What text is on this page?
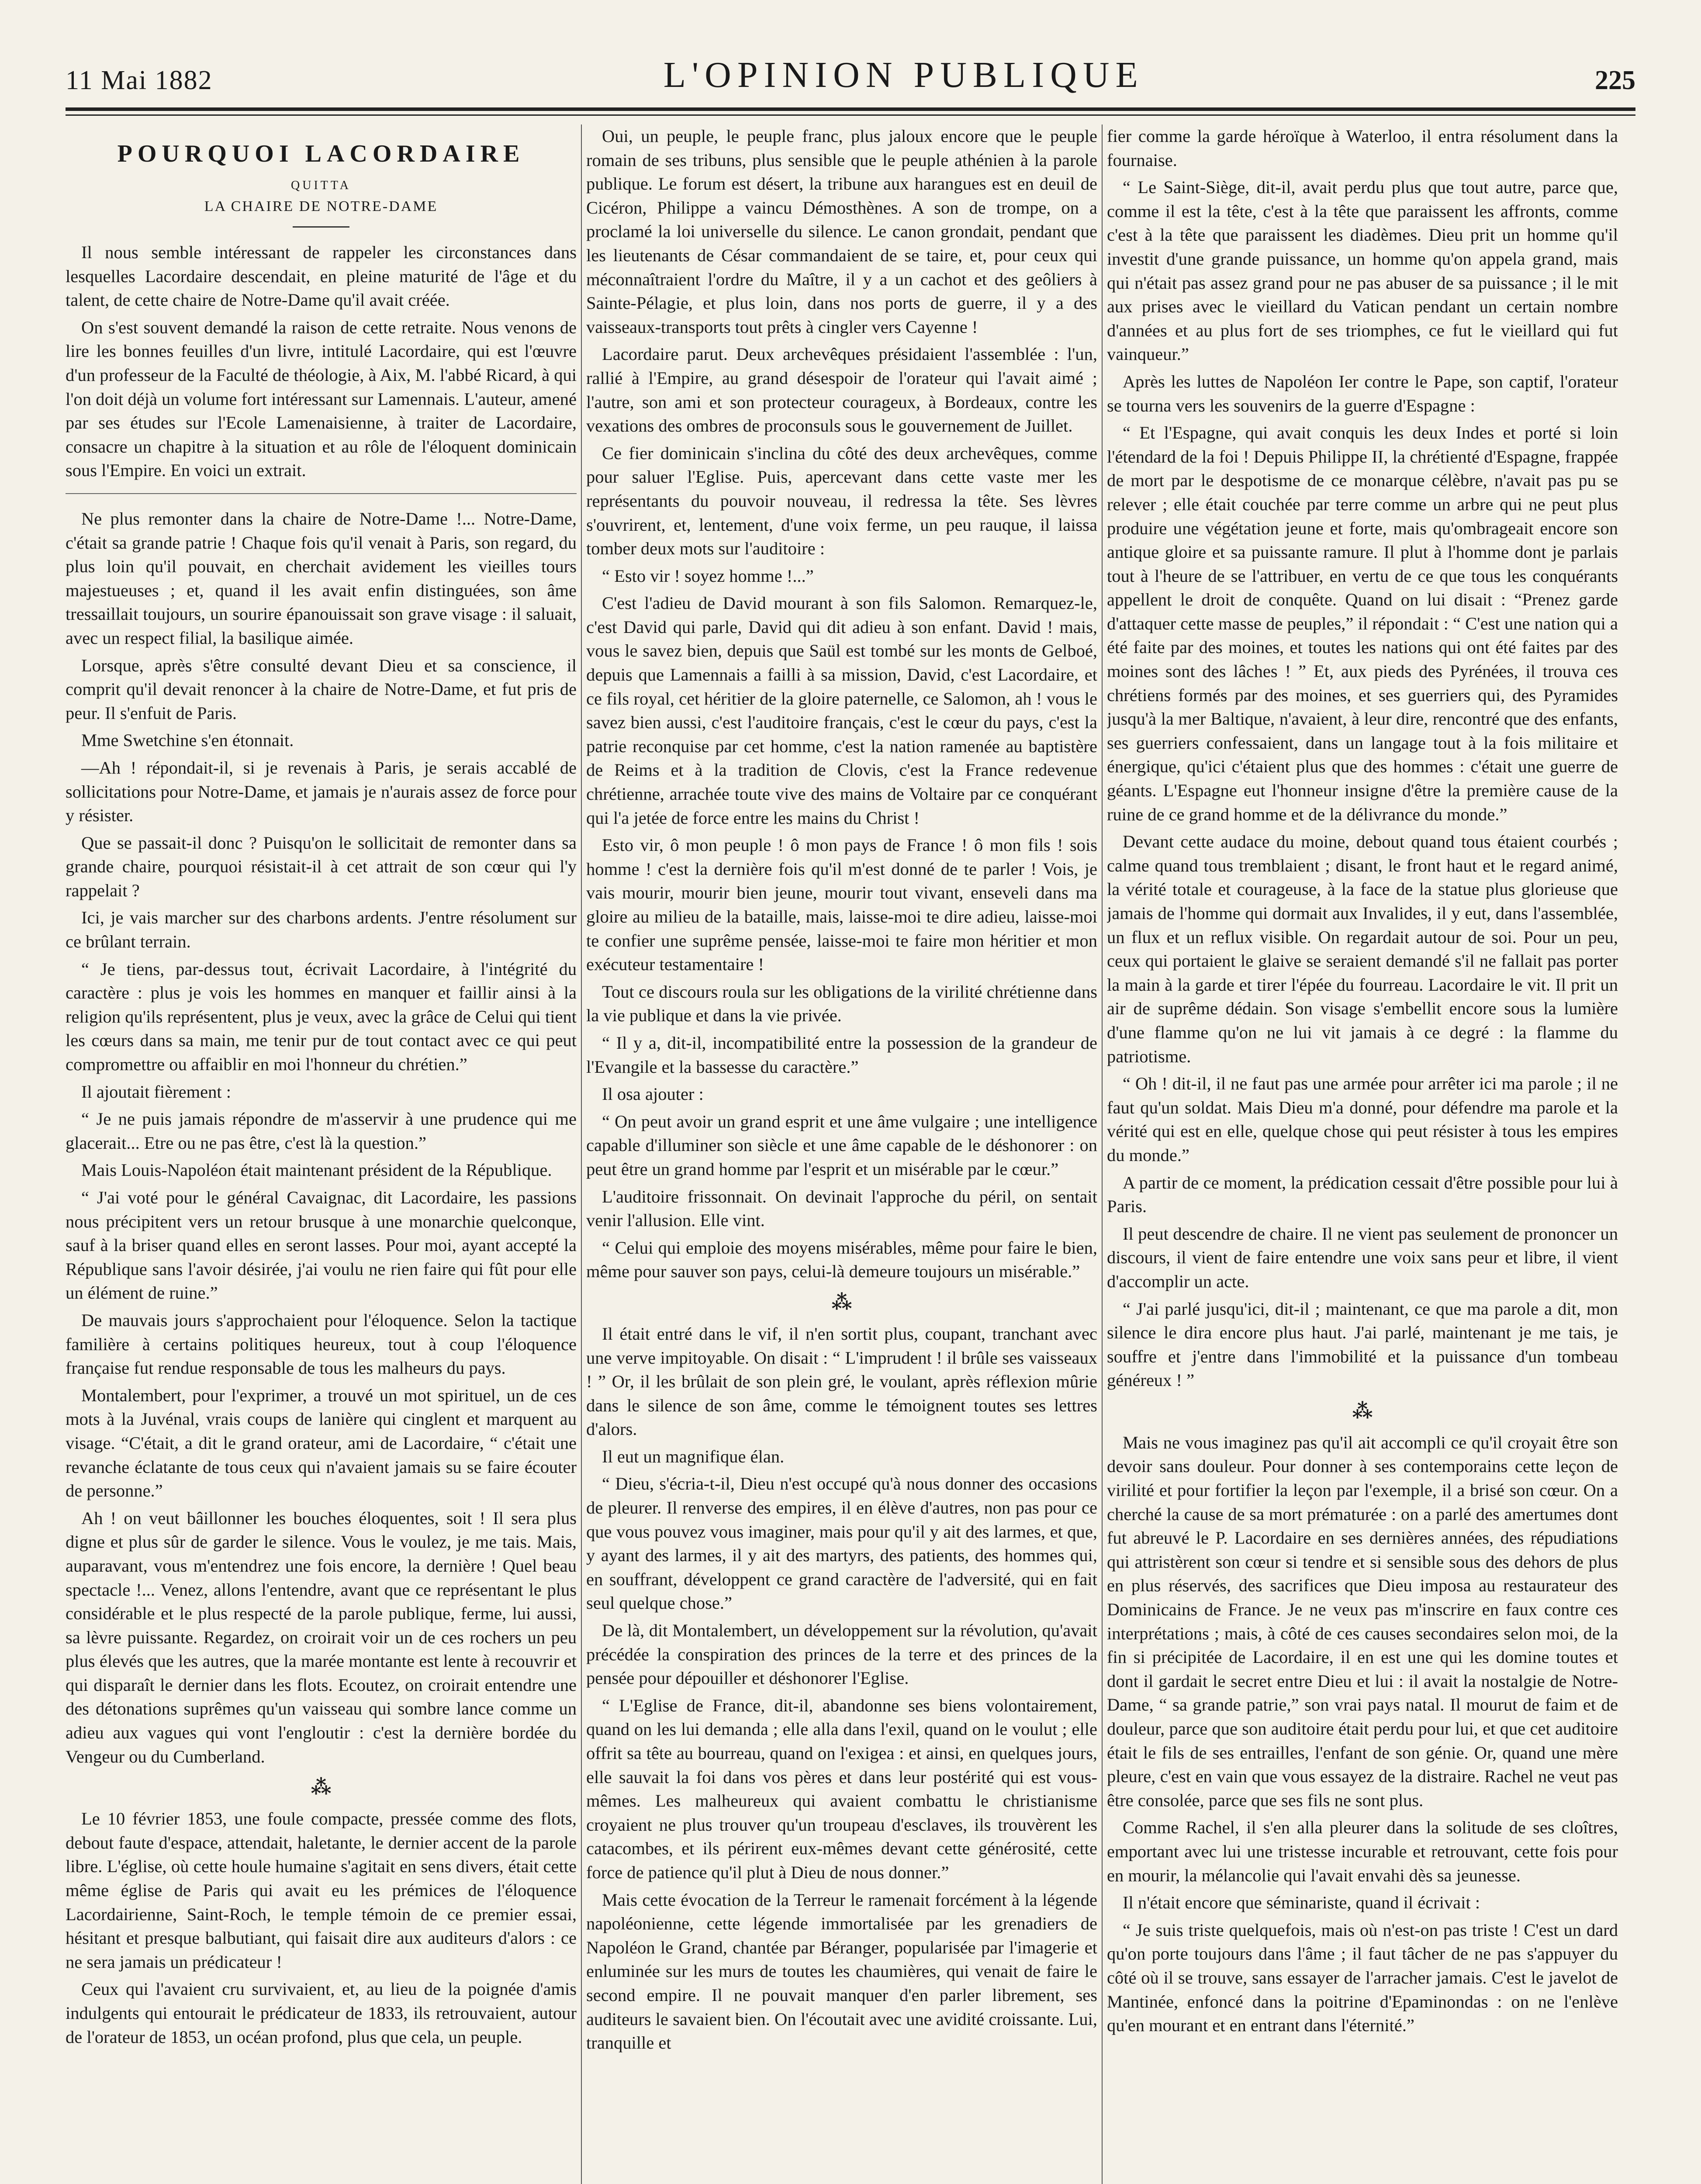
11 Mai 1882	L'OPINION PUBLIQUE	225
POURQUOI LACORDAIRE
QUITTA
LA CHAIRE DE NOTRE-DAME

Il nous semble intéressant de rappeler les circonstances dans lesquelles Lacordaire descendait, en pleine maturité de l'âge et du talent, de cette chaire de Notre-Dame qu'il avait créée.

On s'est souvent demandé la raison de cette retraite. Nous venons de lire les bonnes feuilles d'un livre, intitulé Lacordaire, qui est l'œuvre d'un professeur de la Faculté de théologie, à Aix, M. l'abbé Ricard, à qui l'on doit déjà un volume fort intéressant sur Lamennais. L'auteur, amené par ses études sur l'Ecole Lamenaisienne, à traiter de Lacordaire, consacre un chapitre à la situation et au rôle de l'éloquent dominicain sous l'Empire. En voici un extrait.

Ne plus remonter dans la chaire de Notre-Dame !... Notre-Dame, c'était sa grande patrie ! Chaque fois qu'il venait à Paris, son regard, du plus loin qu'il pouvait, en cherchait avidement les vieilles tours majestueuses ; et, quand il les avait enfin distinguées, son âme tressaillait toujours, un sourire épanouissait son grave visage : il saluait, avec un respect filial, la basilique aimée.

Lorsque, après s'être consulté devant Dieu et sa conscience, il comprit qu'il devait renoncer à la chaire de Notre-Dame, et fut pris de peur. Il s'enfuit de Paris.

Mme Swetchine s'en étonnait.

—Ah ! répondait-il, si je revenais à Paris, je serais accablé de sollicitations pour Notre-Dame, et jamais je n'aurais assez de force pour y résister.

Que se passait-il donc ? Puisqu'on le sollicitait de remonter dans sa grande chaire, pourquoi résistait-il à cet attrait de son cœur qui l'y rappelait ?

Ici, je vais marcher sur des charbons ardents. J'entre résolument sur ce brûlant terrain.

“ Je tiens, par-dessus tout, écrivait Lacordaire, à l'intégrité du caractère : plus je vois les hommes en manquer et faillir ainsi à la religion qu'ils représentent, plus je veux, avec la grâce de Celui qui tient les cœurs dans sa main, me tenir pur de tout contact avec ce qui peut compromettre ou affaiblir en moi l'honneur du chrétien.”

Il ajoutait fièrement :

“ Je ne puis jamais répondre de m'asservir à une prudence qui me glacerait... Etre ou ne pas être, c'est là la question.”

Mais Louis-Napoléon était maintenant président de la République.

“ J'ai voté pour le général Cavaignac, dit Lacordaire, les passions nous précipitent vers un retour brusque à une monarchie quelconque, sauf à la briser quand elles en seront lasses. Pour moi, ayant accepté la République sans l'avoir désirée, j'ai voulu ne rien faire qui fût pour elle un élément de ruine.”

De mauvais jours s'approchaient pour l'éloquence. Selon la tactique familière à certains politiques heureux, tout à coup l'éloquence française fut rendue responsable de tous les malheurs du pays.

Montalembert, pour l'exprimer, a trouvé un mot spirituel, un de ces mots à la Juvénal, vrais coups de lanière qui cinglent et marquent au visage. “C'était, a dit le grand orateur, ami de Lacordaire, “ c'était une revanche éclatante de tous ceux qui n'avaient jamais su se faire écouter de personne.”

Ah ! on veut bâillonner les bouches éloquentes, soit ! Il sera plus digne et plus sûr de garder le silence. Vous le voulez, je me tais. Mais, auparavant, vous m'entendrez une fois encore, la dernière ! Quel beau spectacle !... Venez, allons l'entendre, avant que ce représentant le plus considérable et le plus respecté de la parole publique, ferme, lui aussi, sa lèvre puissante. Regardez, on croirait voir un de ces rochers un peu plus élevés que les autres, que la marée montante est lente à recouvrir et qui disparaît le dernier dans les flots. Ecoutez, on croirait entendre une des détonations suprêmes qu'un vaisseau qui sombre lance comme un adieu aux vagues qui vont l'engloutir : c'est la dernière bordée du Vengeur ou du Cumberland.

⁂

Le 10 février 1853, une foule compacte, pressée comme des flots, debout faute d'espace, attendait, haletante, le dernier accent de la parole libre. L'église, où cette houle humaine s'agitait en sens divers, était cette même église de Paris qui avait eu les prémices de l'éloquence Lacordairienne, Saint-Roch, le temple témoin de ce premier essai, hésitant et presque balbutiant, qui faisait dire aux auditeurs d'alors : ce ne sera jamais un prédicateur !

Ceux qui l'avaient cru survivaient, et, au lieu de la poignée d'amis indulgents qui entourait le prédicateur de 1833, ils retrouvaient, autour de l'orateur de 1853, un océan profond, plus que cela, un peuple.

Oui, un peuple, le peuple franc, plus jaloux encore que le peuple romain de ses tribuns, plus sensible que le peuple athénien à la parole publique. Le forum est désert, la tribune aux harangues est en deuil de Cicéron, Philippe a vaincu Démosthènes. A son de trompe, on a proclamé la loi universelle du silence. Le canon grondait, pendant que les lieutenants de César commandaient de se taire, et, pour ceux qui méconnaîtraient l'ordre du Maître, il y a un cachot et des geôliers à Sainte-Pélagie, et plus loin, dans nos ports de guerre, il y a des vaisseaux-transports tout prêts à cingler vers Cayenne !

Lacordaire parut. Deux archevêques présidaient l'assemblée : l'un, rallié à l'Empire, au grand désespoir de l'orateur qui l'avait aimé ; l'autre, son ami et son protecteur courageux, à Bordeaux, contre les vexations des ombres de proconsuls sous le gouvernement de Juillet.

Ce fier dominicain s'inclina du côté des deux archevêques, comme pour saluer l'Eglise. Puis, apercevant dans cette vaste mer les représentants du pouvoir nouveau, il redressa la tête. Ses lèvres s'ouvrirent, et, lentement, d'une voix ferme, un peu rauque, il laissa tomber deux mots sur l'auditoire :

“ Esto vir ! soyez homme !...”

C'est l'adieu de David mourant à son fils Salomon. Remarquez-le, c'est David qui parle, David qui dit adieu à son enfant. David ! mais, vous le savez bien, depuis que Saül est tombé sur les monts de Gelboé, depuis que Lamennais a failli à sa mission, David, c'est Lacordaire, et ce fils royal, cet héritier de la gloire paternelle, ce Salomon, ah ! vous le savez bien aussi, c'est l'auditoire français, c'est le cœur du pays, c'est la patrie reconquise par cet homme, c'est la nation ramenée au baptistère de Reims et à la tradition de Clovis, c'est la France redevenue chrétienne, arrachée toute vive des mains de Voltaire par ce conquérant qui l'a jetée de force entre les mains du Christ !

Esto vir, ô mon peuple ! ô mon pays de France ! ô mon fils ! sois homme ! c'est la dernière fois qu'il m'est donné de te parler ! Vois, je vais mourir, mourir bien jeune, mourir tout vivant, enseveli dans ma gloire au milieu de la bataille, mais, laisse-moi te dire adieu, laisse-moi te confier une suprême pensée, laisse-moi te faire mon héritier et mon exécuteur testamentaire !

Tout ce discours roula sur les obligations de la virilité chrétienne dans la vie publique et dans la vie privée.

“ Il y a, dit-il, incompatibilité entre la possession de la grandeur de l'Evangile et la bassesse du caractère.”

Il osa ajouter :

“ On peut avoir un grand esprit et une âme vulgaire ; une intelligence capable d'illuminer son siècle et une âme capable de le déshonorer : on peut être un grand homme par l'esprit et un misérable par le cœur.”

L'auditoire frissonnait. On devinait l'approche du péril, on sentait venir l'allusion. Elle vint.

“ Celui qui emploie des moyens misérables, même pour faire le bien, même pour sauver son pays, celui-là demeure toujours un misérable.”

⁂

Il était entré dans le vif, il n'en sortit plus, coupant, tranchant avec une verve impitoyable. On disait : “ L'imprudent ! il brûle ses vaisseaux ! ” Or, il les brûlait de son plein gré, le voulant, après réflexion mûrie dans le silence de son âme, comme le témoignent toutes ses lettres d'alors.

Il eut un magnifique élan.

“ Dieu, s'écria-t-il, Dieu n'est occupé qu'à nous donner des occasions de pleurer. Il renverse des empires, il en élève d'autres, non pas pour ce que vous pouvez vous imaginer, mais pour qu'il y ait des larmes, et que, y ayant des larmes, il y ait des martyrs, des patients, des hommes qui, en souffrant, développent ce grand caractère de l'adversité, qui en fait seul quelque chose.”

De là, dit Montalembert, un développement sur la révolution, qu'avait précédée la conspiration des princes de la terre et des princes de la pensée pour dépouiller et déshonorer l'Eglise.

“ L'Eglise de France, dit-il, abandonne ses biens volontairement, quand on les lui demanda ; elle alla dans l'exil, quand on le voulut ; elle offrit sa tête au bourreau, quand on l'exigea : et ainsi, en quelques jours, elle sauvait la foi dans vos pères et dans leur postérité qui est vous-mêmes. Les malheureux qui avaient combattu le christianisme croyaient ne plus trouver qu'un troupeau d'esclaves, ils trouvèrent les catacombes, et ils périrent eux-mêmes devant cette générosité, cette force de patience qu'il plut à Dieu de nous donner.”

Mais cette évocation de la Terreur le ramenait forcément à la légende napoléonienne, cette légende immortalisée par les grenadiers de Napoléon le Grand, chantée par Béranger, popularisée par l'imagerie et enluminée sur les murs de toutes les chaumières, qui venait de faire le second empire. Il ne pouvait manquer d'en parler librement, ses auditeurs le savaient bien. On l'écoutait avec une avidité croissante. Lui, tranquille et

fier comme la garde héroïque à Waterloo, il entra résolument dans la fournaise.

“ Le Saint-Siège, dit-il, avait perdu plus que tout autre, parce que, comme il est la tête, c'est à la tête que paraissent les affronts, comme c'est à la tête que paraissent les diadèmes. Dieu prit un homme qu'il investit d'une grande puissance, un homme qu'on appela grand, mais qui n'était pas assez grand pour ne pas abuser de sa puissance ; il le mit aux prises avec le vieillard du Vatican pendant un certain nombre d'années et au plus fort de ses triomphes, ce fut le vieillard qui fut vainqueur.”

Après les luttes de Napoléon Ier contre le Pape, son captif, l'orateur se tourna vers les souvenirs de la guerre d'Espagne :

“ Et l'Espagne, qui avait conquis les deux Indes et porté si loin l'étendard de la foi ! Depuis Philippe II, la chrétienté d'Espagne, frappée de mort par le despotisme de ce monarque célèbre, n'avait pas pu se relever ; elle était couchée par terre comme un arbre qui ne peut plus produire une végétation jeune et forte, mais qu'ombrageait encore son antique gloire et sa puissante ramure. Il plut à l'homme dont je parlais tout à l'heure de se l'attribuer, en vertu de ce que tous les conquérants appellent le droit de conquête. Quand on lui disait : “Prenez garde d'attaquer cette masse de peuples,” il répondait : “ C'est une nation qui a été faite par des moines, et toutes les nations qui ont été faites par des moines sont des lâches ! ” Et, aux pieds des Pyrénées, il trouva ces chrétiens formés par des moines, et ses guerriers qui, des Pyramides jusqu'à la mer Baltique, n'avaient, à leur dire, rencontré que des enfants, ses guerriers confessaient, dans un langage tout à la fois militaire et énergique, qu'ici c'étaient plus que des hommes : c'était une guerre de géants. L'Espagne eut l'honneur insigne d'être la première cause de la ruine de ce grand homme et de la délivrance du monde.”

Devant cette audace du moine, debout quand tous étaient courbés ; calme quand tous tremblaient ; disant, le front haut et le regard animé, la vérité totale et courageuse, à la face de la statue plus glorieuse que jamais de l'homme qui dormait aux Invalides, il y eut, dans l'assemblée, un flux et un reflux visible. On regardait autour de soi. Pour un peu, ceux qui portaient le glaive se seraient demandé s'il ne fallait pas porter la main à la garde et tirer l'épée du fourreau. Lacordaire le vit. Il prit un air de suprême dédain. Son visage s'embellit encore sous la lumière d'une flamme qu'on ne lui vit jamais à ce degré : la flamme du patriotisme.

“ Oh ! dit-il, il ne faut pas une armée pour arrêter ici ma parole ; il ne faut qu'un soldat. Mais Dieu m'a donné, pour défendre ma parole et la vérité qui est en elle, quelque chose qui peut résister à tous les empires du monde.”

A partir de ce moment, la prédication cessait d'être possible pour lui à Paris.

Il peut descendre de chaire. Il ne vient pas seulement de prononcer un discours, il vient de faire entendre une voix sans peur et libre, il vient d'accomplir un acte.

“ J'ai parlé jusqu'ici, dit-il ; maintenant, ce que ma parole a dit, mon silence le dira encore plus haut. J'ai parlé, maintenant je me tais, je souffre et j'entre dans l'immobilité et la puissance d'un tombeau généreux ! ”

⁂

Mais ne vous imaginez pas qu'il ait accompli ce qu'il croyait être son devoir sans douleur. Pour donner à ses contemporains cette leçon de virilité et pour fortifier la leçon par l'exemple, il a brisé son cœur. On a cherché la cause de sa mort prématurée : on a parlé des amertumes dont fut abreuvé le P. Lacordaire en ses dernières années, des répudiations qui attristèrent son cœur si tendre et si sensible sous des dehors de plus en plus réservés, des sacrifices que Dieu imposa au restaurateur des Dominicains de France. Je ne veux pas m'inscrire en faux contre ces interprétations ; mais, à côté de ces causes secondaires selon moi, de la fin si précipitée de Lacordaire, il en est une qui les domine toutes et dont il gardait le secret entre Dieu et lui : il avait la nostalgie de Notre-Dame, “ sa grande patrie,” son vrai pays natal. Il mourut de faim et de douleur, parce que son auditoire était perdu pour lui, et que cet auditoire était le fils de ses entrailles, l'enfant de son génie. Or, quand une mère pleure, c'est en vain que vous essayez de la distraire. Rachel ne veut pas être consolée, parce que ses fils ne sont plus.

Comme Rachel, il s'en alla pleurer dans la solitude de ses cloîtres, emportant avec lui une tristesse incurable et retrouvant, cette fois pour en mourir, la mélancolie qui l'avait envahi dès sa jeunesse.

Il n'était encore que séminariste, quand il écrivait :

“ Je suis triste quelquefois, mais où n'est-on pas triste ! C'est un dard qu'on porte toujours dans l'âme ; il faut tâcher de ne pas s'appuyer du côté où il se trouve, sans essayer de l'arracher jamais. C'est le javelot de Mantinée, enfoncé dans la poitrine d'Epaminondas : on ne l'enlève qu'en mourant et en entrant dans l'éternité.”
